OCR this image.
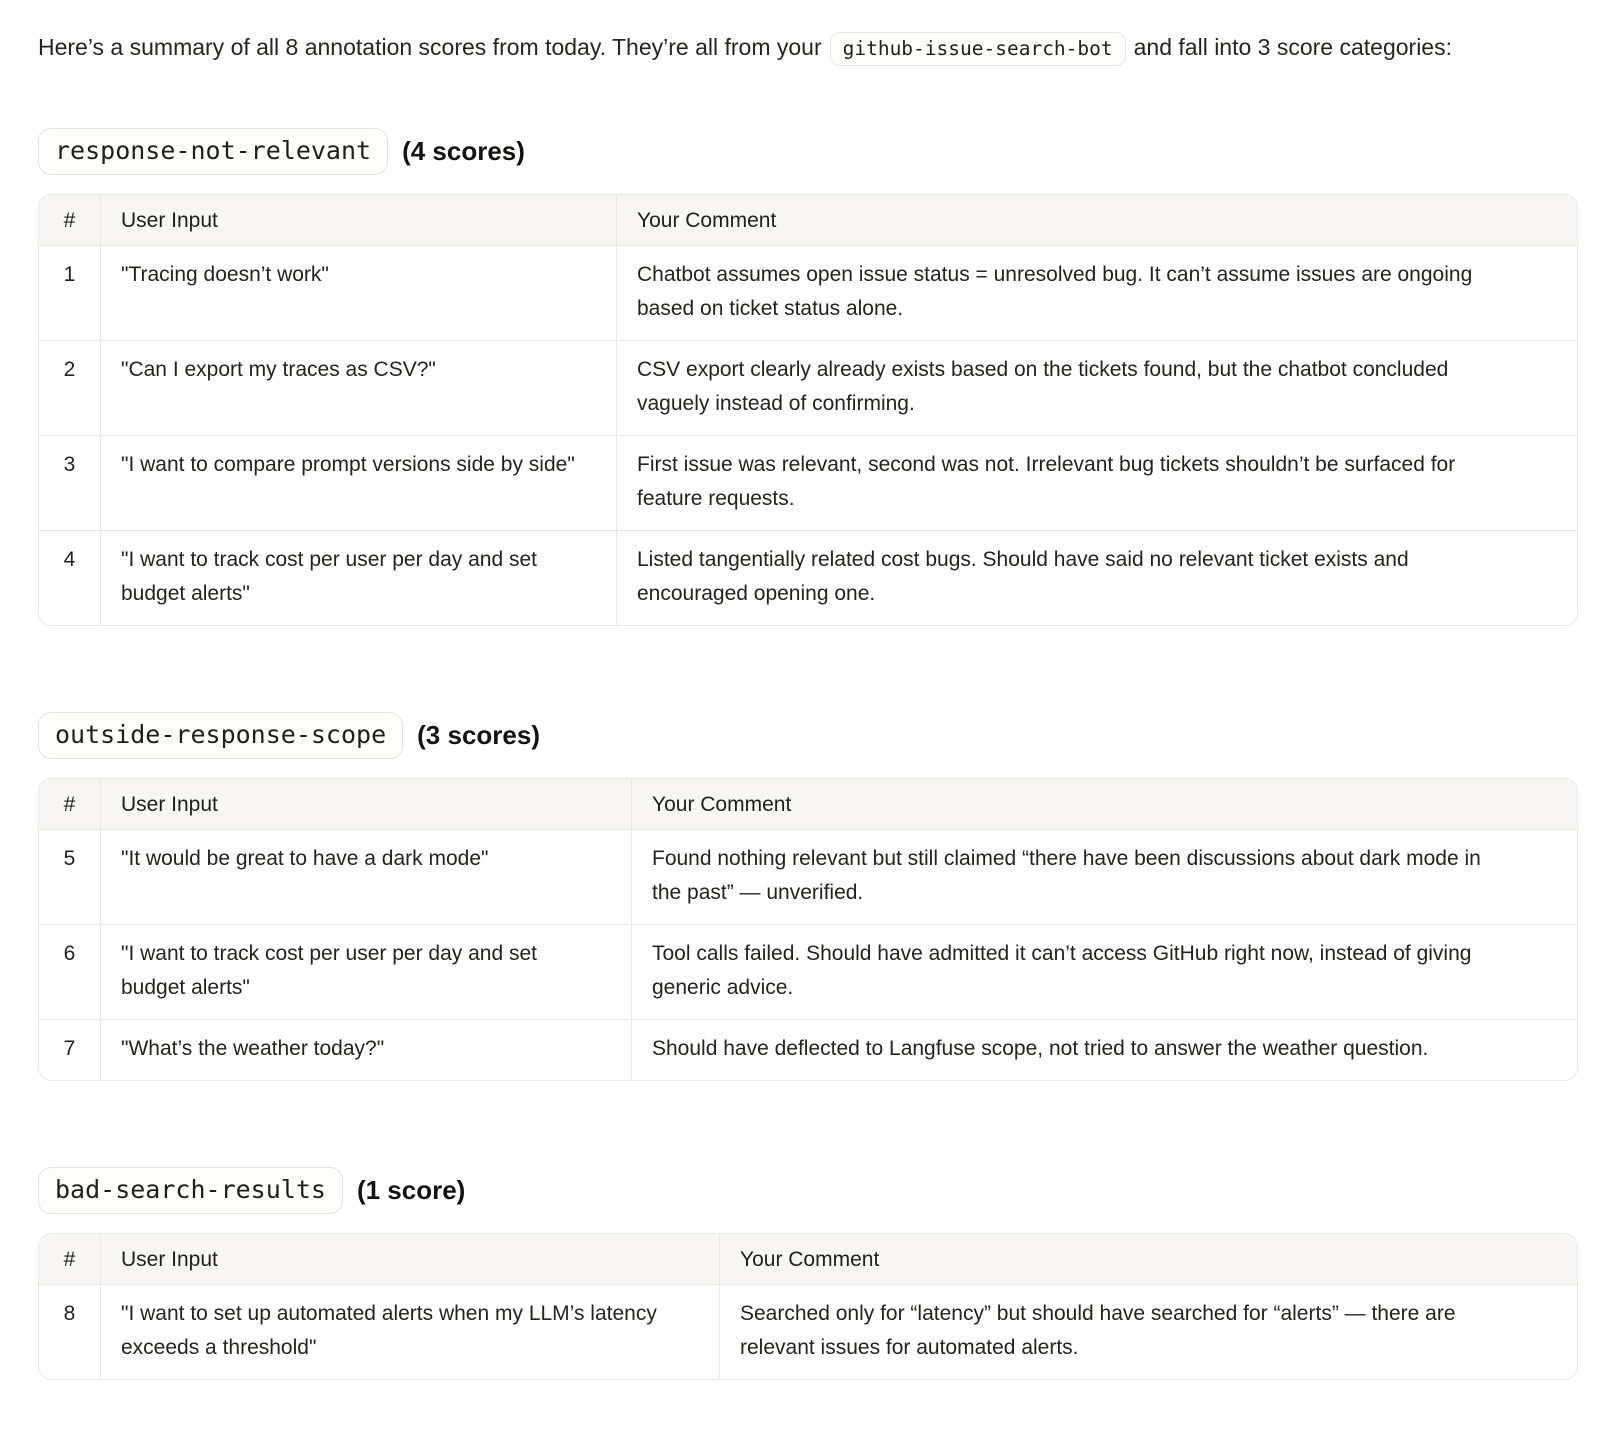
Here’s a summary of all 8 annotation scores from today. They’re all from your github-issue-search-bot and fall into 3 score categories:

response-not-relevant	(4 scores)
#	User Input	Your Comment
1	"Tracing doesn’t work"	Chatbot assumes open issue status = unresolved bug. It can’t assume issues are ongoing based on ticket status alone.
2	"Can I export my traces as CSV?"	CSV export clearly already exists based on the tickets found, but the chatbot concluded vaguely instead of confirming.
3	"I want to compare prompt versions side by side"	First issue was relevant, second was not. Irrelevant bug tickets shouldn’t be surfaced for feature requests.
4	"I want to track cost per user per day and set budget alerts"	Listed tangentially related cost bugs. Should have said no relevant ticket exists and encouraged opening one.
outside-response-scope	(3 scores)
#	User Input	Your Comment
5	"It would be great to have a dark mode"	Found nothing relevant but still claimed “there have been discussions about dark mode in the past” — unverified.
6	"I want to track cost per user per day and set budget alerts"	Tool calls failed. Should have admitted it can’t access GitHub right now, instead of giving generic advice.
7	"What’s the weather today?"	Should have deflected to Langfuse scope, not tried to answer the weather question.
bad-search-results	(1 score)
#	User Input	Your Comment
8	"I want to set up automated alerts when my LLM’s latency exceeds a threshold"	Searched only for “latency” but should have searched for “alerts” — there are relevant issues for automated alerts.
